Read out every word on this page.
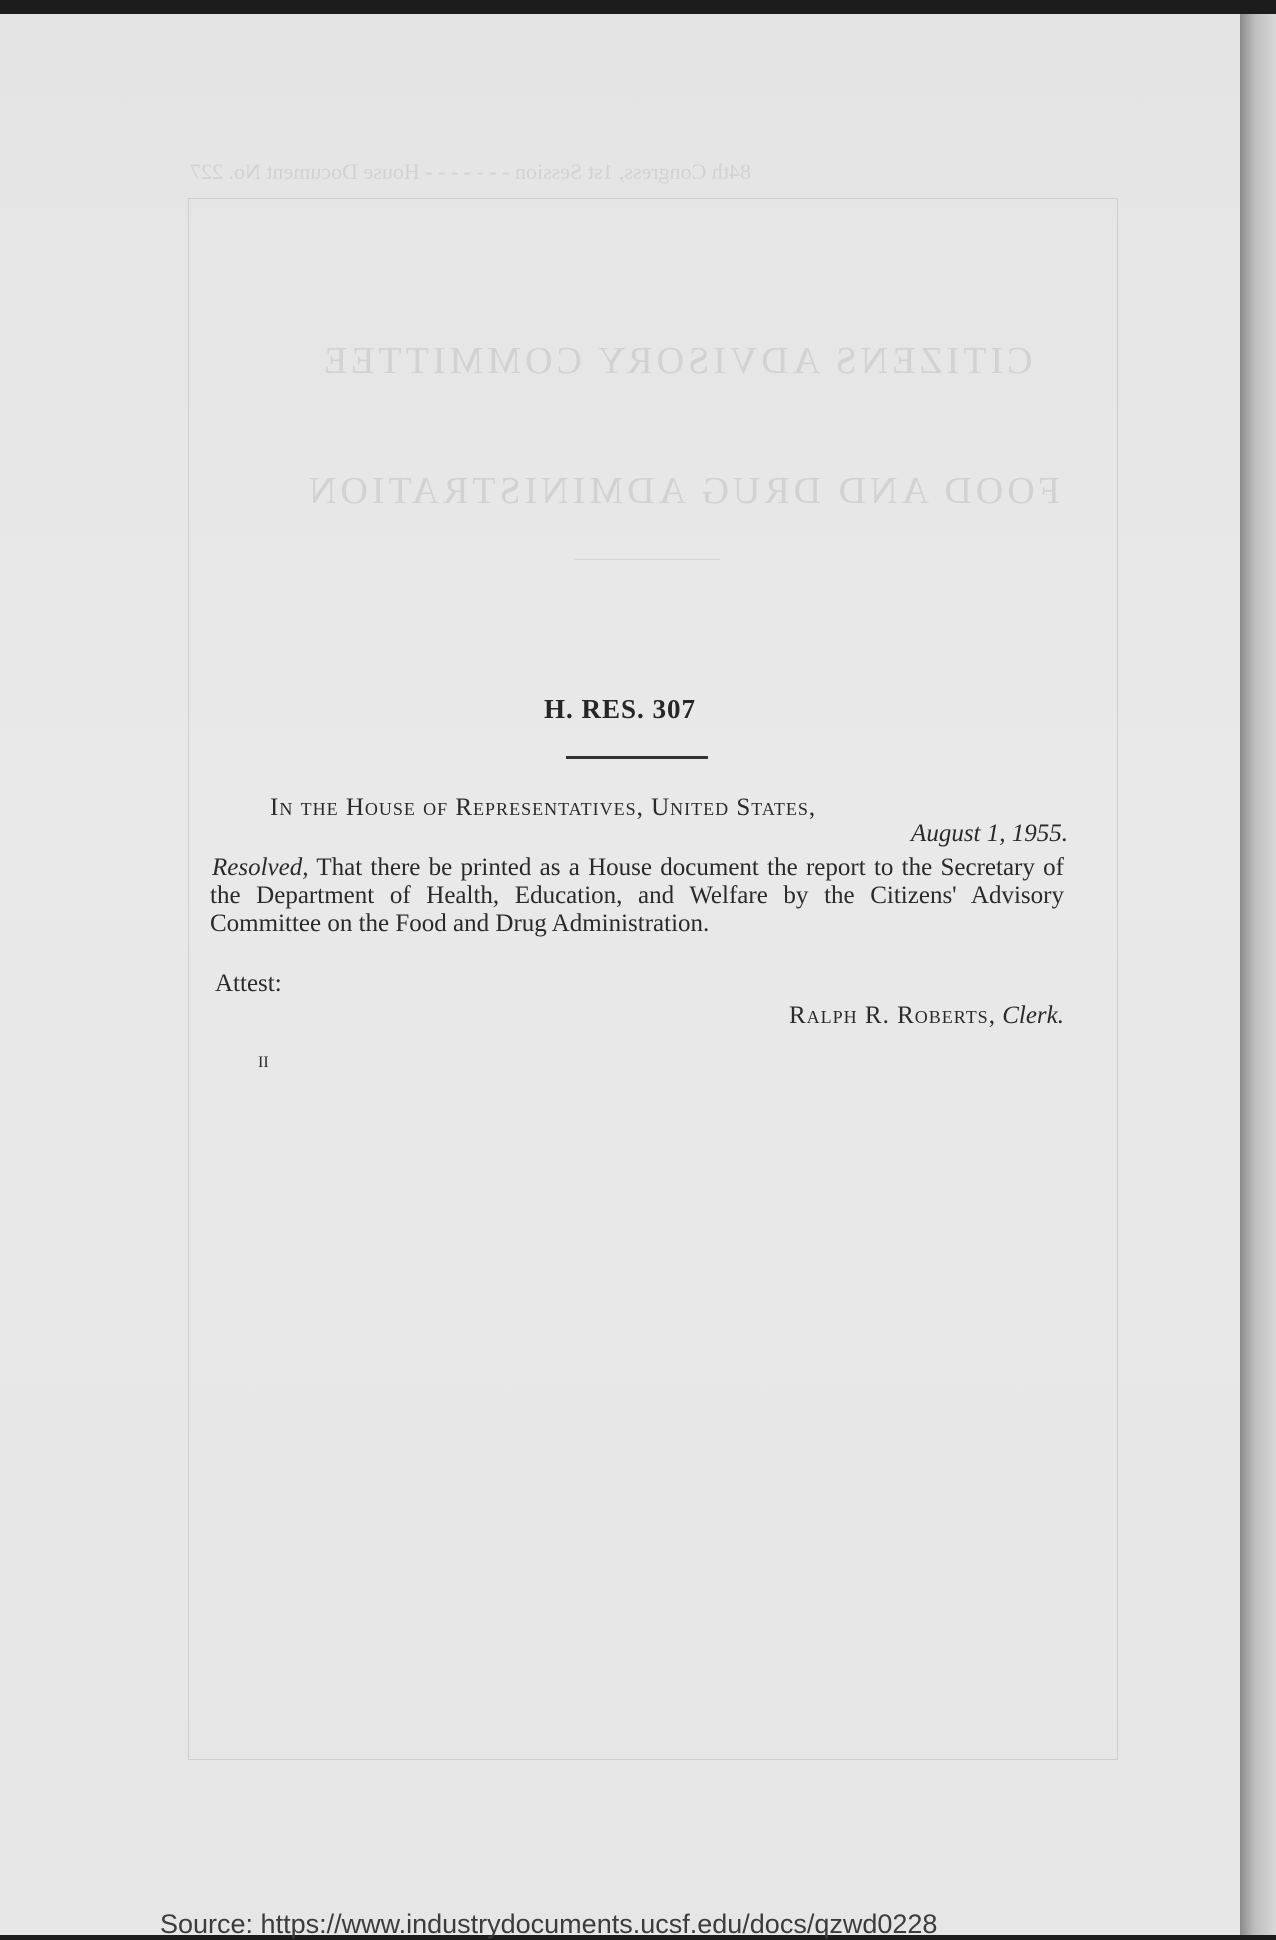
84th Congress, 1st Session - - - - - - - House Document No. 227
CITIZENS ADVISORY COMMITTEE
FOOD AND DRUG ADMINISTRATION
H. RES. 307
In the House of Representatives, United States,
August 1, 1955.
Resolved, That there be printed as a House document the report to the Secretary of the Department of Health, Education, and Welfare by the Citizens' Advisory Committee on the Food and Drug Administration.
Attest:
Ralph R. Roberts, Clerk.
II
Source: https://www.industrydocuments.ucsf.edu/docs/qzwd0228
